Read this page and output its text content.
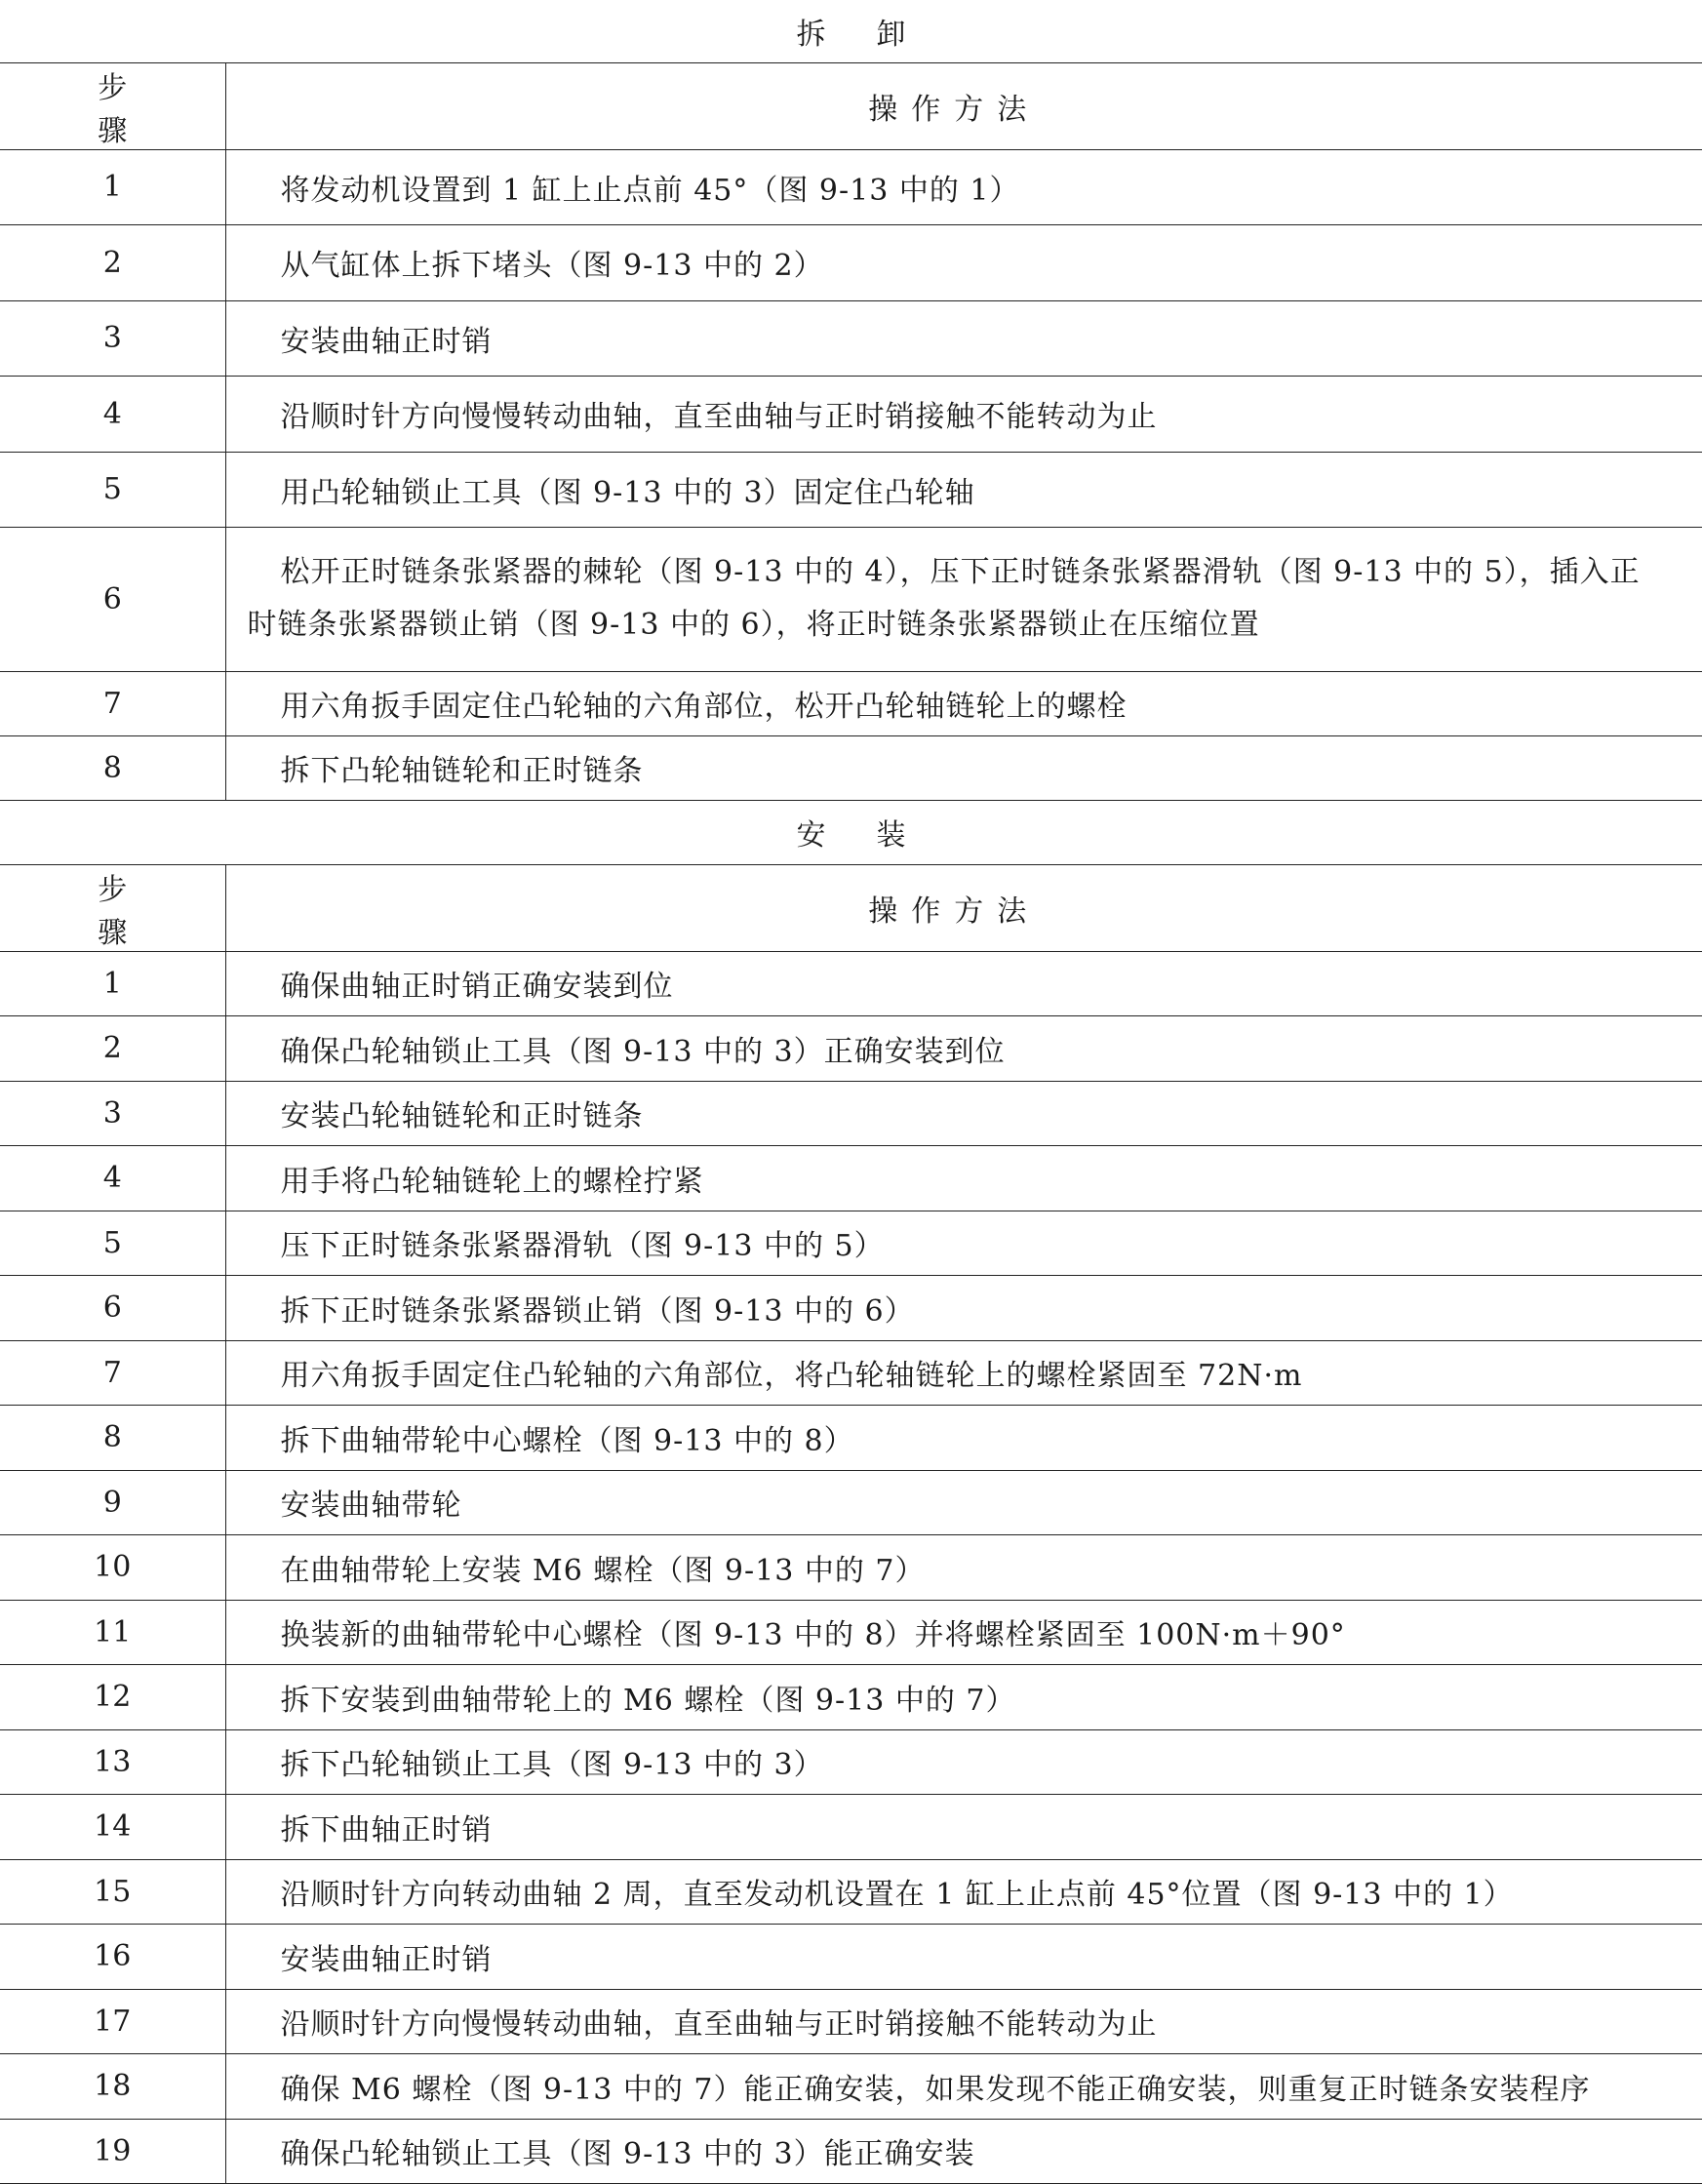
拆卸	
步骤	操作方法
1	将发动机设置到 1 缸上止点前 45°（图 9-13 中的 1）
2	从气缸体上拆下堵头（图 9-13 中的 2）
3	安装曲轴正时销
4	沿顺时针方向慢慢转动曲轴，直至曲轴与正时销接触不能转动为止
5	用凸轮轴锁止工具（图 9-13 中的 3）固定住凸轮轴
6	松开正时链条张紧器的棘轮（图 9-13 中的 4），压下正时链条张紧器滑轨（图 9-13 中的 5），插入正
时链条张紧器锁止销（图 9-13 中的 6），将正时链条张紧器锁止在压缩位置

7	用六角扳手固定住凸轮轴的六角部位，松开凸轮轴链轮上的螺栓
8	拆下凸轮轴链轮和正时链条
安装	
步骤	操作方法
1	确保曲轴正时销正确安装到位
2	确保凸轮轴锁止工具（图 9-13 中的 3）正确安装到位
3	安装凸轮轴链轮和正时链条
4	用手将凸轮轴链轮上的螺栓拧紧
5	压下正时链条张紧器滑轨（图 9-13 中的 5）
6	拆下正时链条张紧器锁止销（图 9-13 中的 6）
7	用六角扳手固定住凸轮轴的六角部位，将凸轮轴链轮上的螺栓紧固至 72N·m
8	拆下曲轴带轮中心螺栓（图 9-13 中的 8）
9	安装曲轴带轮
10	在曲轴带轮上安装 M6 螺栓（图 9-13 中的 7）
11	换装新的曲轴带轮中心螺栓（图 9-13 中的 8）并将螺栓紧固至 100N·m＋90°
12	拆下安装到曲轴带轮上的 M6 螺栓（图 9-13 中的 7）
13	拆下凸轮轴锁止工具（图 9-13 中的 3）
14	拆下曲轴正时销
15	沿顺时针方向转动曲轴 2 周，直至发动机设置在 1 缸上止点前 45°位置（图 9-13 中的 1）
16	安装曲轴正时销
17	沿顺时针方向慢慢转动曲轴，直至曲轴与正时销接触不能转动为止
18	确保 M6 螺栓（图 9-13 中的 7）能正确安装，如果发现不能正确安装，则重复正时链条安装程序
19	确保凸轮轴锁止工具（图 9-13 中的 3）能正确安装
